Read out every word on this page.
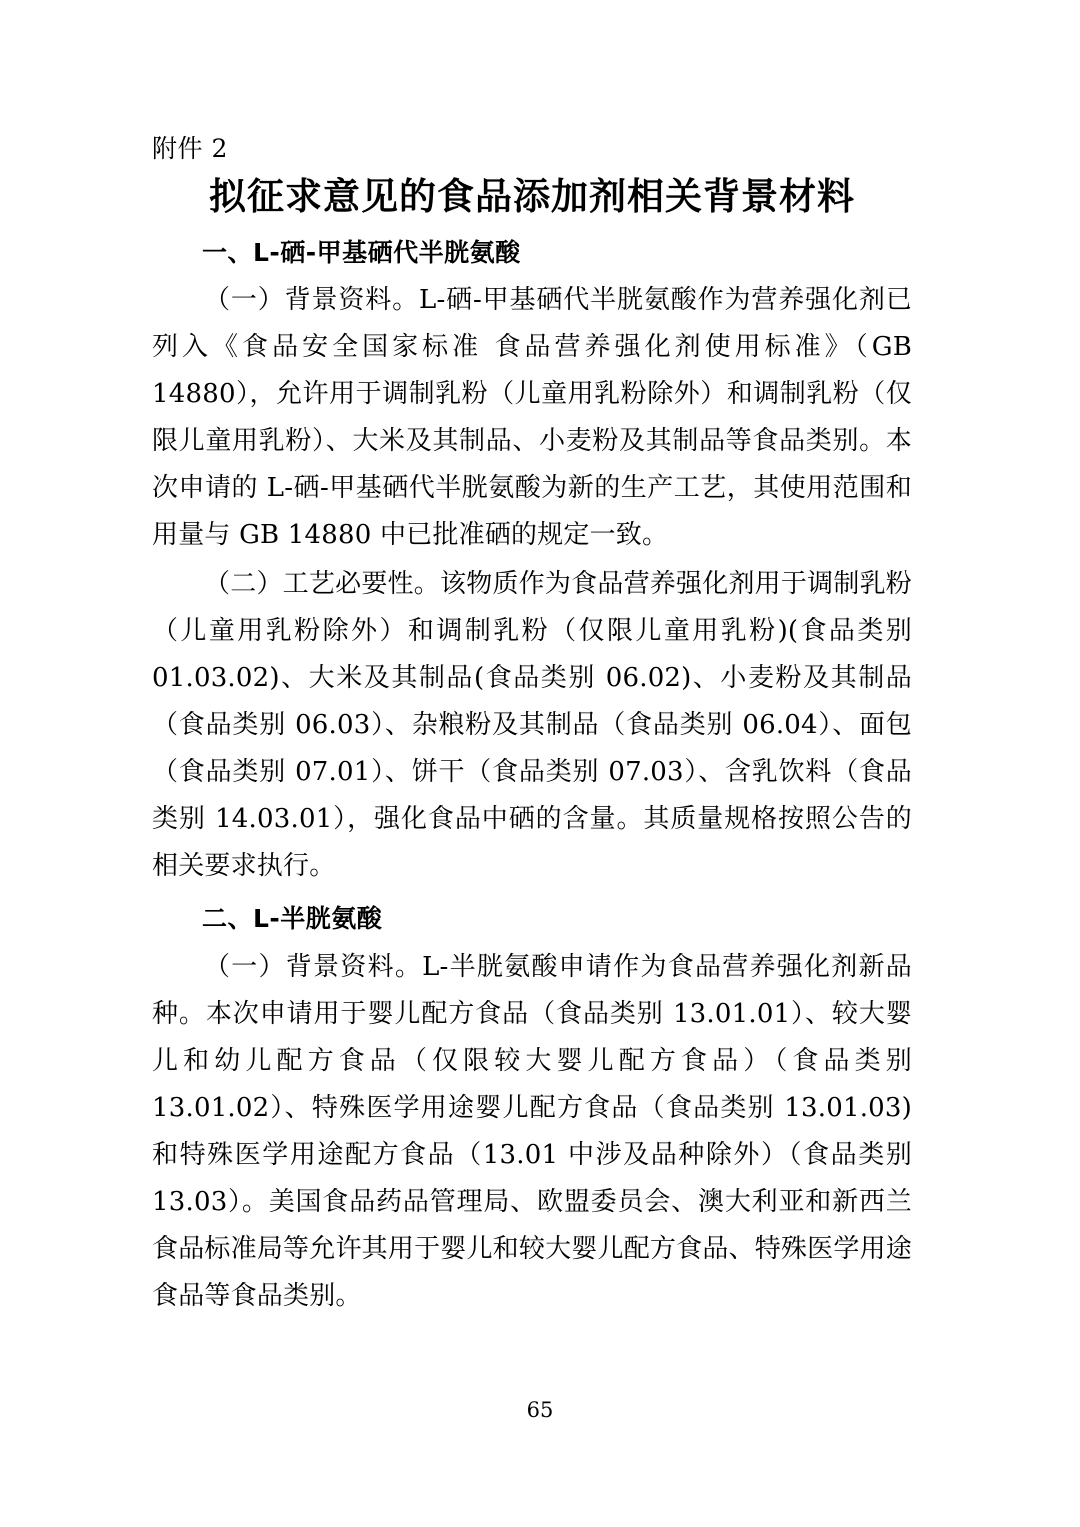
附件 2
拟征求意见的食品添加剂相关背景材料
一、L-硒-甲基硒代半胱氨酸

（一）背景资料。L-硒-甲基硒代半胱氨酸作为营养强化剂已列入《食品安全国家标准 食品营养强化剂使用标准》（GB 14880），允许用于调制乳粉（儿童用乳粉除外）和调制乳粉（仅限儿童用乳粉）、大米及其制品、小麦粉及其制品等食品类别。本次申请的 L-硒-甲基硒代半胱氨酸为新的生产工艺，其使用范围和用量与 GB 14880 中已批准硒的规定一致。

（二）工艺必要性。该物质作为食品营养强化剂用于调制乳粉（儿童用乳粉除外）和调制乳粉（仅限儿童用乳粉)(食品类别 01.03.02)、大米及其制品(食品类别 06.02)、小麦粉及其制品（食品类别 06.03）、杂粮粉及其制品（食品类别 06.04）、面包（食品类别 07.01）、饼干（食品类别 07.03）、含乳饮料（食品类别 14.03.01），强化食品中硒的含量。其质量规格按照公告的相关要求执行。

二、L-半胱氨酸

（一）背景资料。L-半胱氨酸申请作为食品营养强化剂新品种。本次申请用于婴儿配方食品（食品类别 13.01.01）、较大婴儿和幼儿配方食品（仅限较大婴儿配方食品）（食品类别 13.01.02）、特殊医学用途婴儿配方食品（食品类别 13.01.03)和特殊医学用途配方食品（13.01 中涉及品种除外）（食品类别 13.03）。美国食品药品管理局、欧盟委员会、澳大利亚和新西兰食品标准局等允许其用于婴儿和较大婴儿配方食品、特殊医学用途食品等食品类别。

65
